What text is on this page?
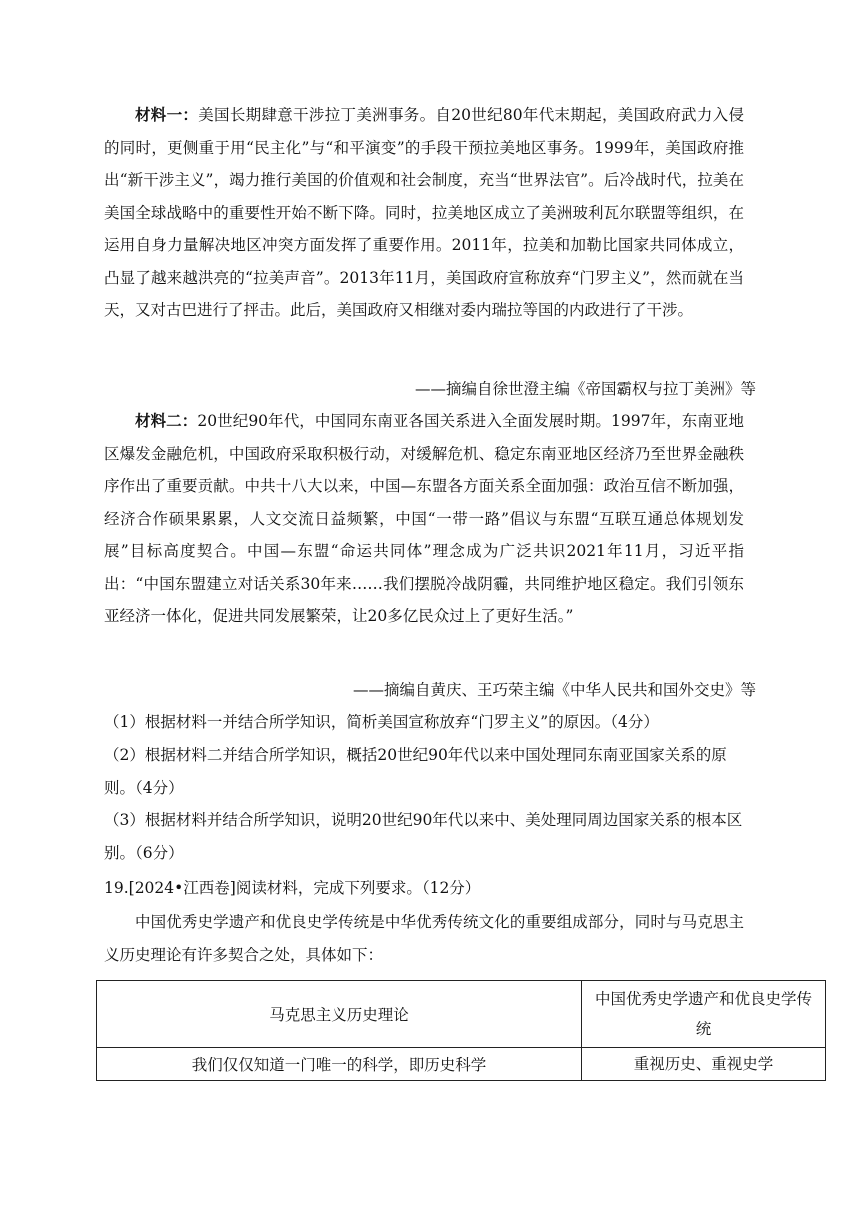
材料一：美国长期肆意干涉拉丁美洲事务。自20世纪80年代末期起，美国政府武力入侵的同时，更侧重于用“民主化”与“和平演变”的手段干预拉美地区事务。1999年，美国政府推出“新干涉主义”，竭力推行美国的价值观和社会制度，充当“世界法官”。后冷战时代，拉美在美国全球战略中的重要性开始不断下降。同时，拉美地区成立了美洲玻利瓦尔联盟等组织，在运用自身力量解决地区冲突方面发挥了重要作用。2011年，拉美和加勒比国家共同体成立，凸显了越来越洪亮的“拉美声音”。2013年11月，美国政府宣称放弃“门罗主义”，然而就在当天，又对古巴进行了抨击。此后，美国政府又相继对委内瑞拉等国的内政进行了干涉。

——摘编自徐世澄主编《帝国霸权与拉丁美洲》等

材料二：20世纪90年代，中国同东南亚各国关系进入全面发展时期。1997年，东南亚地区爆发金融危机，中国政府采取积极行动，对缓解危机、稳定东南亚地区经济乃至世界金融秩序作出了重要贡献。中共十八大以来，中国—东盟各方面关系全面加强：政治互信不断加强，经济合作硕果累累，人文交流日益频繁，中国“一带一路”倡议与东盟“互联互通总体规划发展”目标高度契合。中国—东盟“命运共同体”理念成为广泛共识2021年11月，习近平指出：“中国东盟建立对话关系30年来……我们摆脱冷战阴霾，共同维护地区稳定。我们引领东亚经济一体化，促进共同发展繁荣，让20多亿民众过上了更好生活。”

——摘编自黄庆、王巧荣主编《中华人民共和国外交史》等

（1）根据材料一并结合所学知识，简析美国宣称放弃“门罗主义”的原因。（4分）

（2）根据材料二并结合所学知识，概括20世纪90年代以来中国处理同东南亚国家关系的原则。（4分）

（3）根据材料并结合所学知识，说明20世纪90年代以来中、美处理同周边国家关系的根本区别。（6分）

19.[2024•江西卷]阅读材料，完成下列要求。（12分）

中国优秀史学遗产和优良史学传统是中华优秀传统文化的重要组成部分，同时与马克思主义历史理论有许多契合之处，具体如下：

马克思主义历史理论	中国优秀史学遗产和优良史学传统
我们仅仅知道一门唯一的科学，即历史科学	重视历史、重视史学
